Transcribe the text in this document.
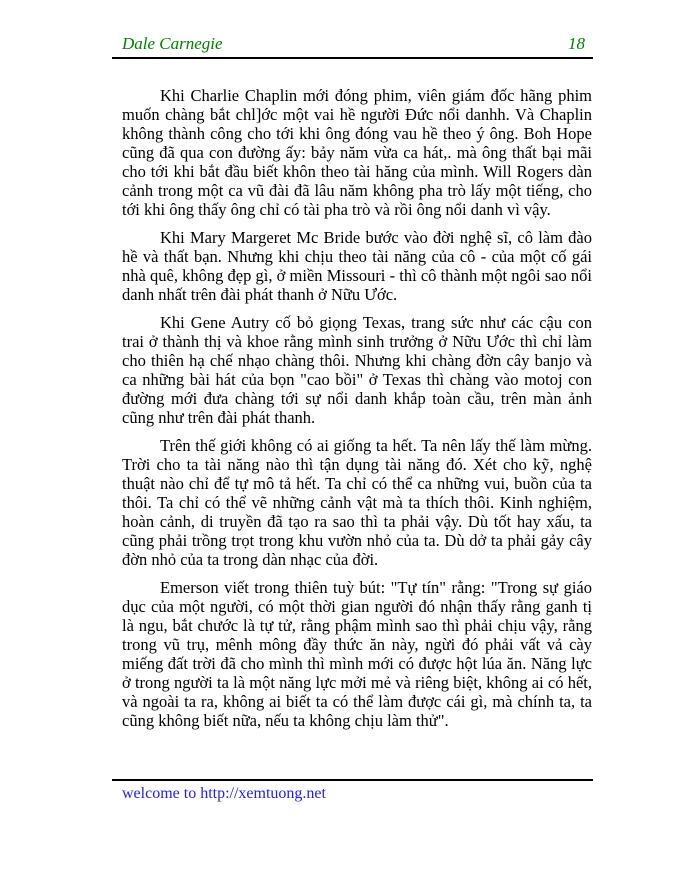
Dale Carnegie	18

Khi Charlie Chaplin mới đóng phim, viên giám đốc hãng phim muốn chàng bắt chl]ớc một vai hề người Đức nổi danhh. Và Chaplin không thành công cho tới khi ông đóng vau hề theo ý ông. Boh Hope cũng đã qua con đường ấy: bảy năm vừa ca hát,. mà ông thất bại mãi cho tới khi bắt đầu biết khôn theo tài hăng của mình. Will Rogers dàn cảnh trong một ca vũ đài đã lâu năm không pha trò lấy một tiếng, cho tới khi ông thấy ông chỉ có tài pha trò và rồi ông nổi danh vì vậy.

Khi Mary Margeret Mc Bride bước vào đời nghệ sĩ, cô làm đào hề và thất bạn. Nhưng khi chịu theo tài năng của cô - của một cố gái nhà quê, không đẹp gì, ở miền Missouri - thì cô thành một ngôi sao nổi danh nhất trên đài phát thanh ở Nữu Ước.

Khi Gene Autry cố bỏ giọng Texas, trang sức như các cậu con trai ở thành thị và khoe rằng mình sinh trưởng ở Nữu Ước thì chỉ làm cho thiên hạ chế nhạo chàng thôi. Nhưng khi chàng đờn cây banjo và ca những bài hát của bọn "cao bồi" ở Texas thì chàng vào motoj con đường mới đưa chàng tới sự nổi danh khắp toàn cầu, trên màn ảnh cũng như trên đài phát thanh.

Trên thế giới không có ai giống ta hết. Ta nên lấy thế làm mừng. Trời cho ta tài năng nào thì tận dụng tài năng đó. Xét cho kỹ, nghệ thuật nào chỉ để tự mô tả hết. Ta chỉ có thể ca những vui, buồn của ta thôi. Ta chỉ có thể vẽ những cảnh vật mà ta thích thôi. Kinh nghiệm, hoàn cảnh, di truyền đã tạo ra sao thì ta phải vậy. Dù tốt hay xấu, ta cũng phải trồng trọt trong khu vườn nhỏ của ta. Dù dở ta phải gảy cây đờn nhỏ của ta trong dàn nhạc của đời.

Emerson viết trong thiên tuỳ bút: "Tự tín" rằng: "Trong sự giáo dục của một người, có một thời gian người đó nhận thấy rằng ganh tị là ngu, bắt chước là tự tử, rằng phậm mình sao thì phải chịu vậy, rằng trong vũ trụ, mênh mông đầy thức ăn này, ngừi đó phải vất vả cày miếng đất trời đã cho mình thì mình mới có được hột lúa ăn. Năng lực ở trong người ta là một năng lực mởi mẻ và riêng biệt, không ai có hết, và ngoài ta ra, không ai biết ta có thể làm được cái gì, mà chính ta, ta cũng không biết nữa, nếu ta không chịu làm thử".

welcome to http://xemtuong.net
